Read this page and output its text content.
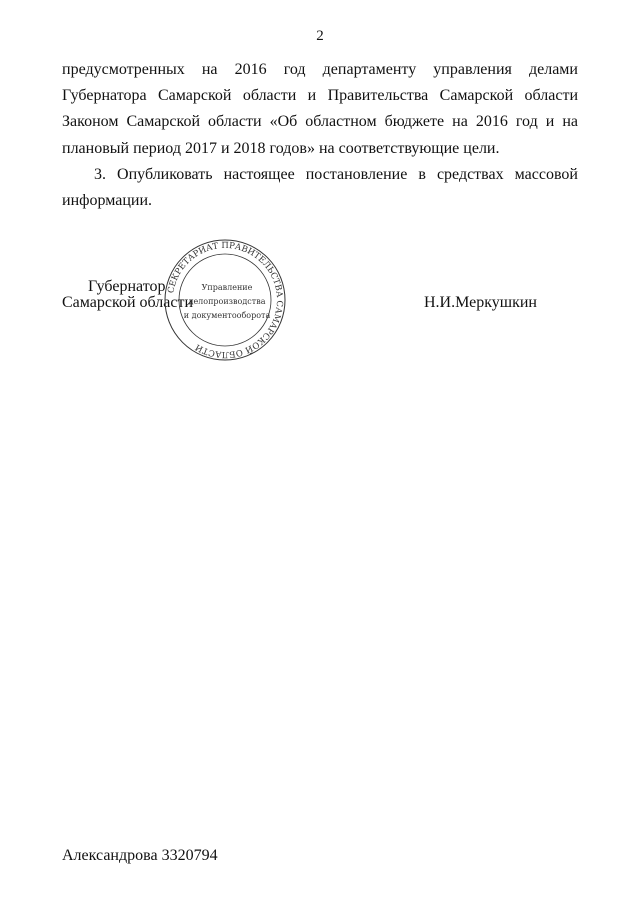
2
предусмотренных на 2016 год департаменту управления делами
Губернатора Самарской области и Правительства Самарской области
Законом Самарской области «Об областном бюджете на 2016 год и на
плановый период 2017 и 2018 годов» на соответствующие цели.
3. Опубликовать настоящее постановление в средствах массовой
информации.
Губернатор
Самарской области	Н.И.Меркушкин
СЕКРЕТАРИАТ ПРАВИТЕЛЬСТВА САМАРСКОЙ ОБЛАСТИ
Управление
делопроизводства
и документооборота
Александрова 3320794
